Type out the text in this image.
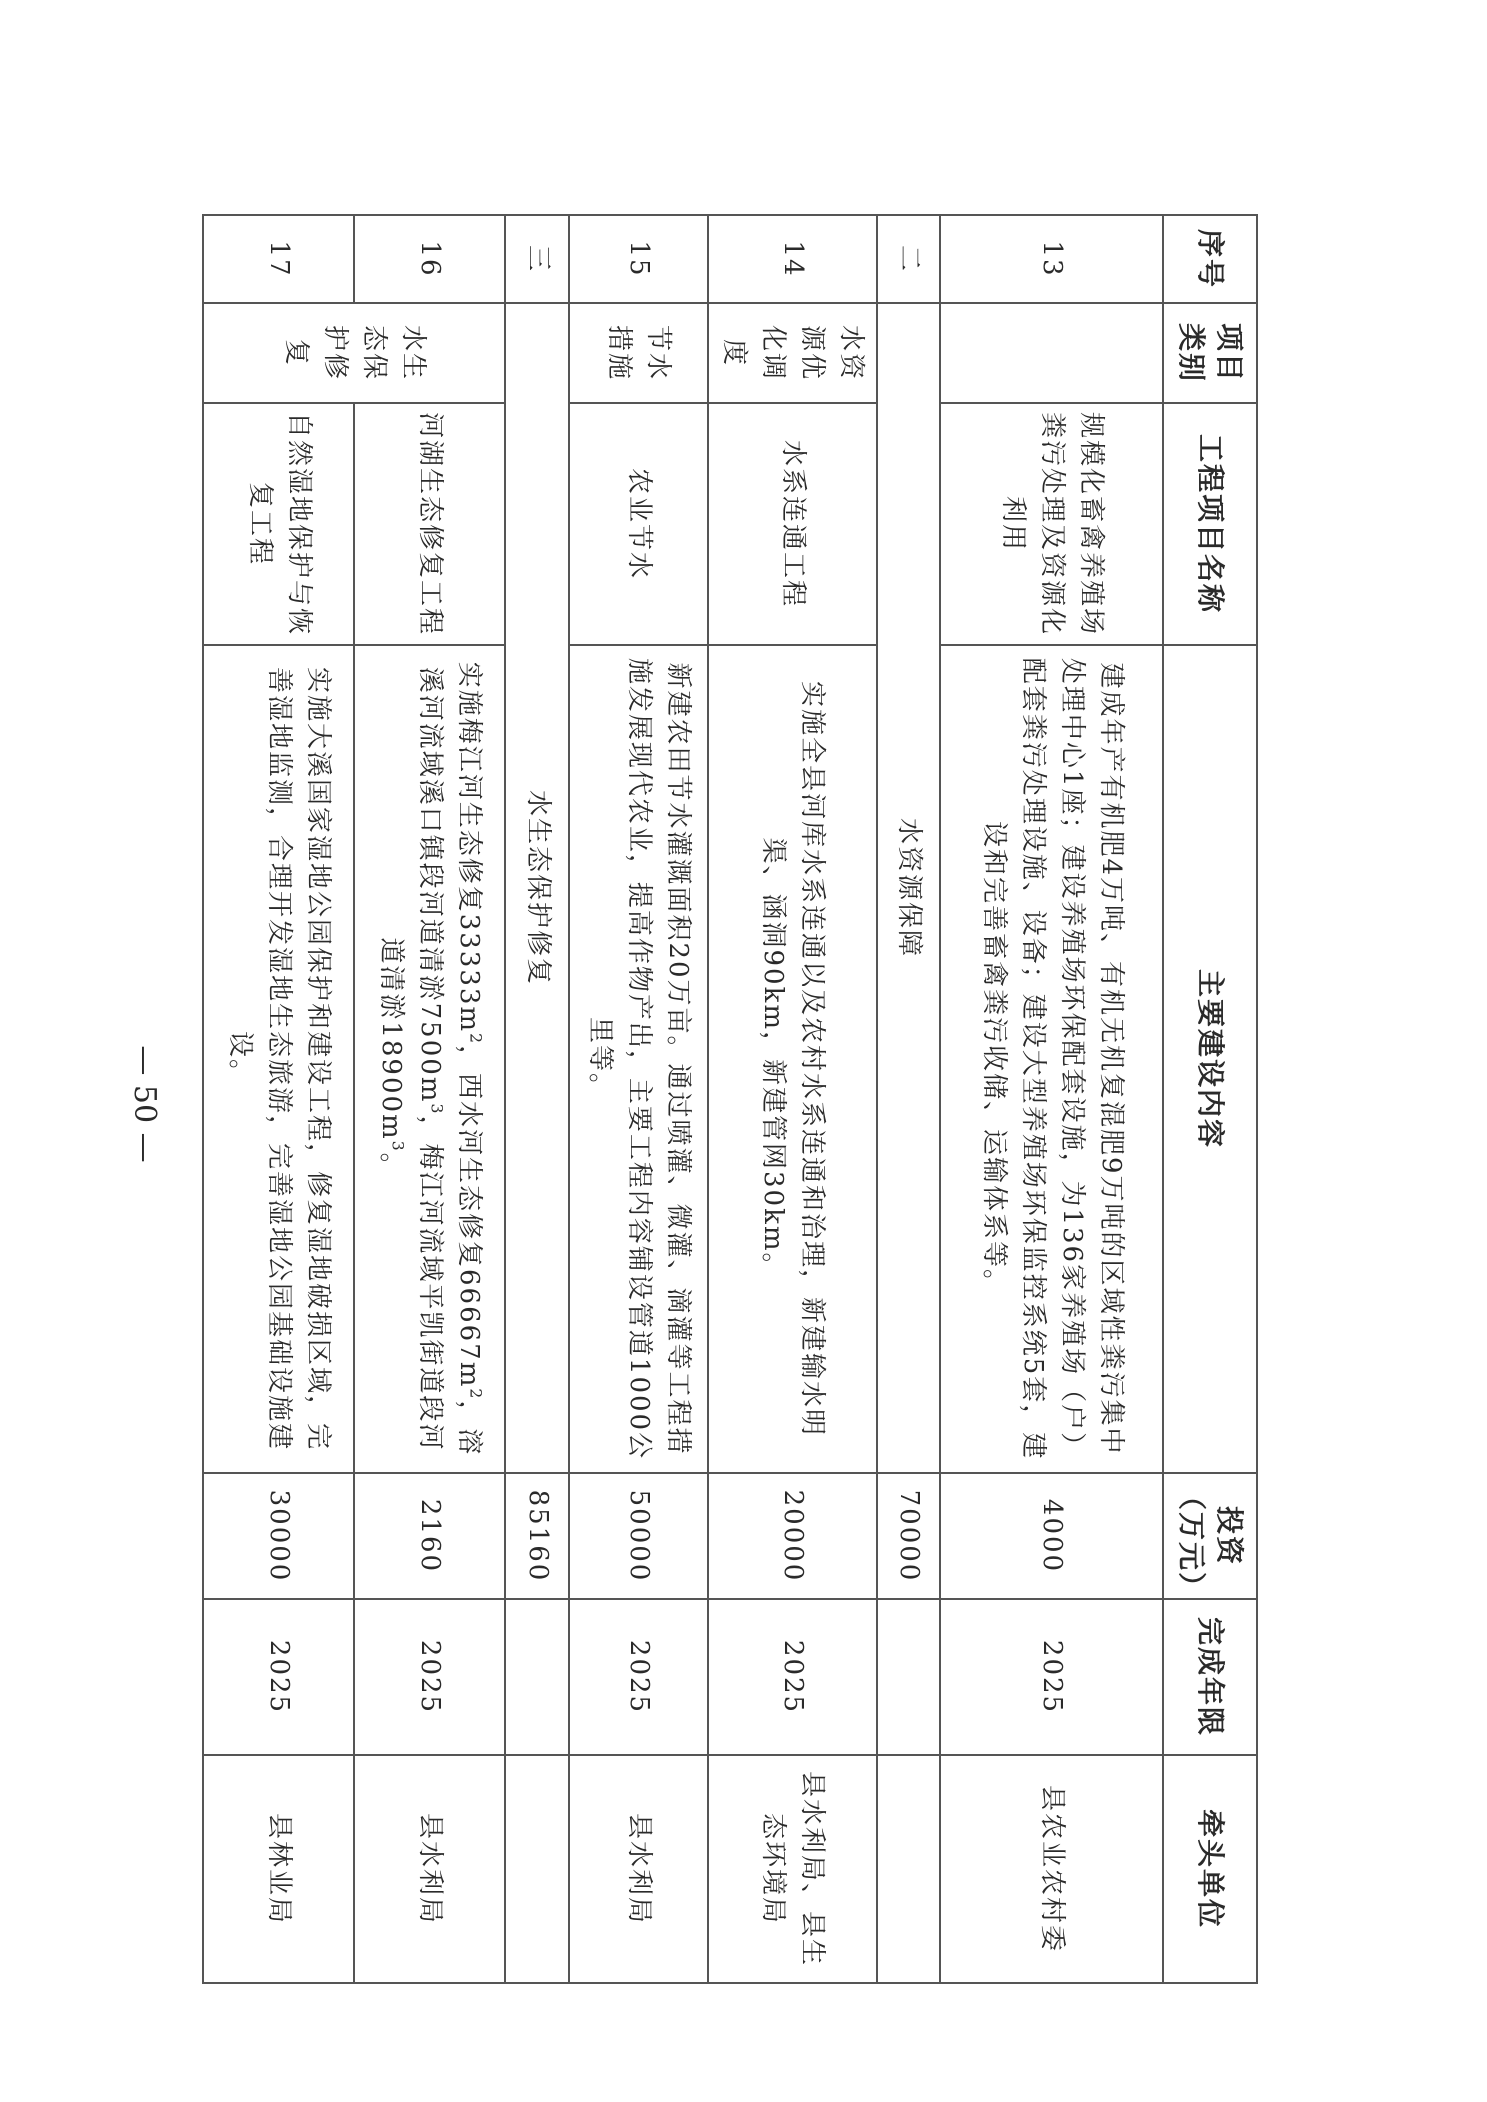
序号	项目类别	工程项目名称	主要建设内容	投资（万元）	完成年限	牵头单位
13		规模化畜禽养殖场粪污处理及资源化利用	建成年产有机肥4万吨、有机无机复混肥9万吨的区域性粪污集中处理中心1座；建设养殖场环保配套设施，为136家养殖场（户）配套粪污处理设施、设备；建设大型养殖场环保监控系统5套，建设和完善畜禽粪污收储、运输体系等。	4000	2025	县农业农村委
二	水资源保障			70000		
14	水资源优化调度	水系连通工程	实施全县河库水系连通以及农村水系连通和治理，新建输水明渠、涵洞90km，新建管网30km。	20000	2025	县水利局、县生态环境局
15	节水措施	农业节水	新建农田节水灌溉面积20万亩。通过喷灌、微灌、滴灌等工程措施发展现代农业，提高作物产出，主要工程内容铺设管道1000公里等。	50000	2025	县水利局
三	水生态保护修复			85160		
16	水生态保护修复	河湖生态修复工程	实施梅江河生态修复$33333m^2$，西水河生态修复$66667m^2$，溶溪河流域溪口镇段河道清淤$7500m^3$，梅江河流域平凯街道段河道清淤$18900m^3$。	2160	2025	县水利局
17		自然湿地保护与恢复工程	实施大溪国家湿地公园保护和建设工程，修复湿地破损区域，完善湿地监测，合理开发湿地生态旅游，完善湿地公园基础设施建设。	30000	2025	县林业局
— 50 —
